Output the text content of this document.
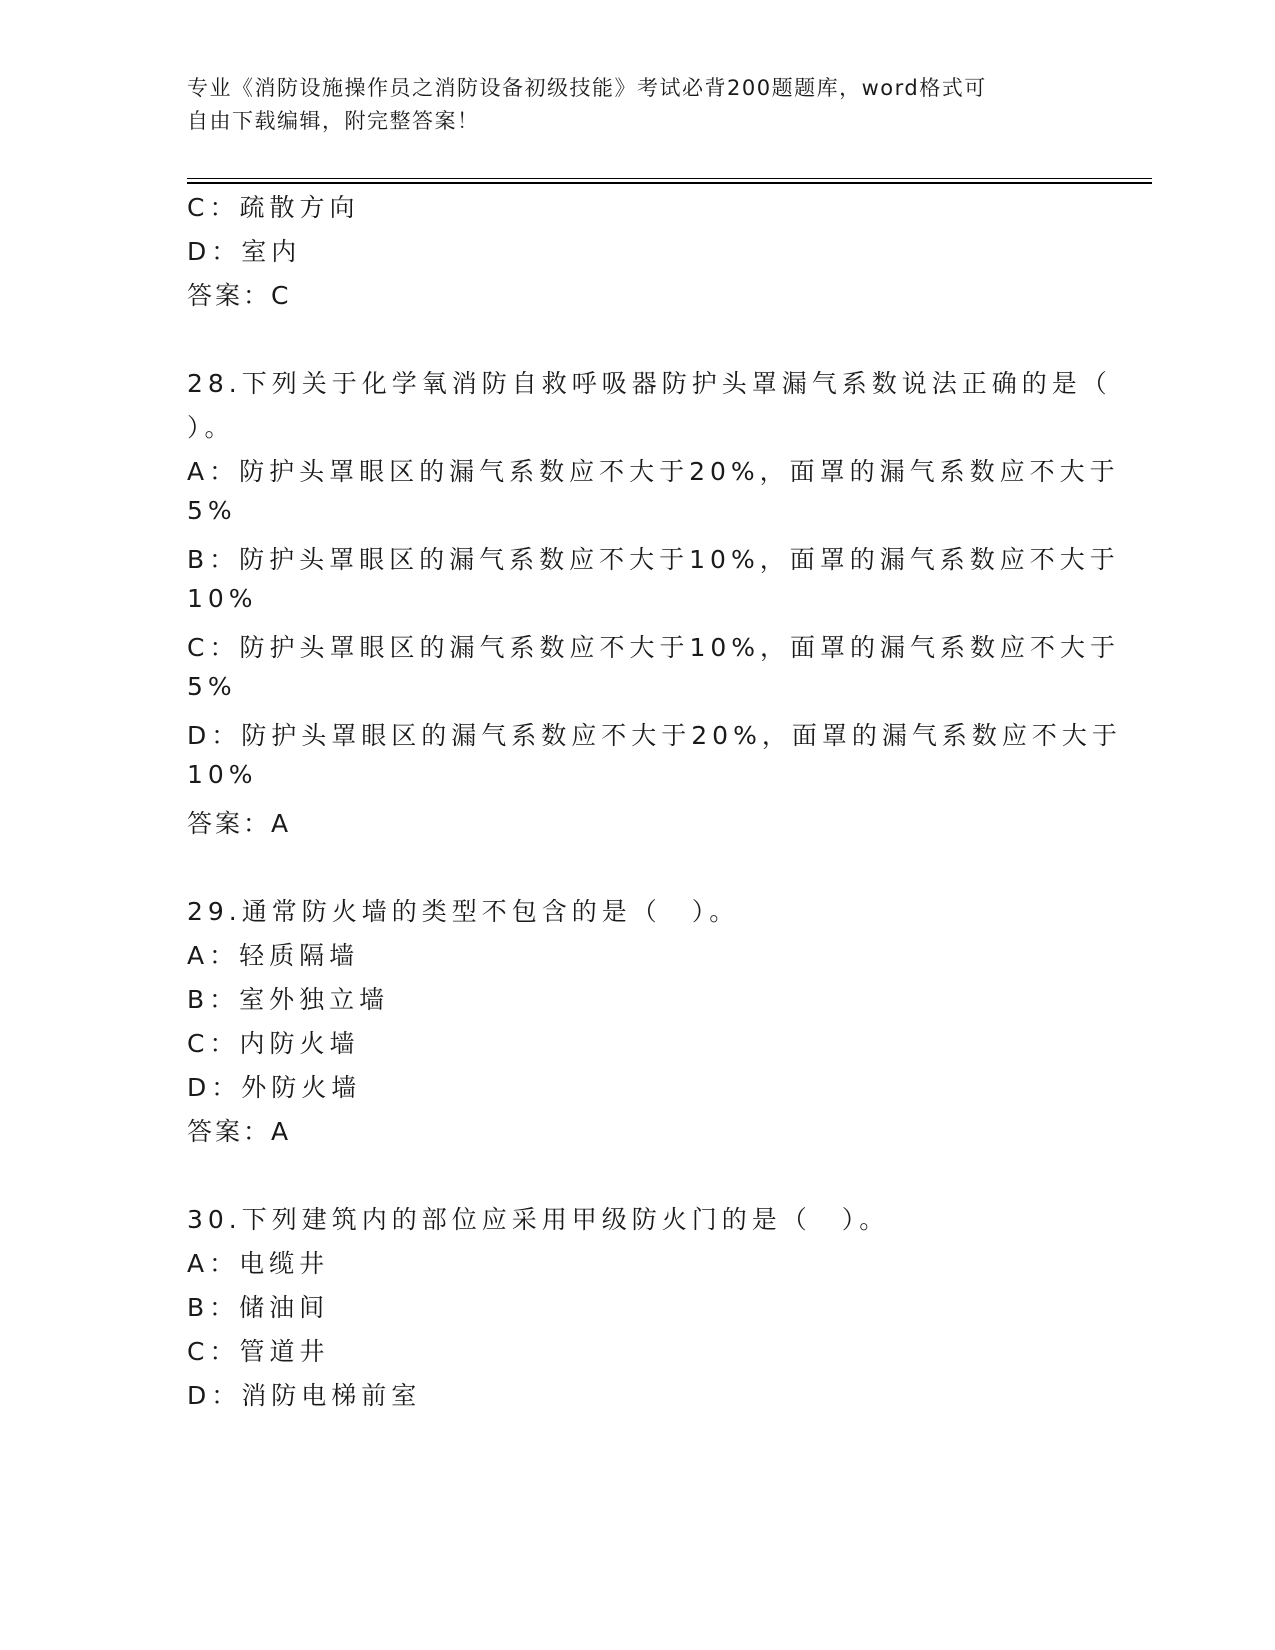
专业《消防设施操作员之消防设备初级技能》考试必背200题题库，word格式可
自由下载编辑，附完整答案！
C：疏散方向
D：室内
答案：C
28.下列关于化学氧消防自救呼吸器防护头罩漏气系数说法正确的是（
）。
A：防护头罩眼区的漏气系数应不大于20%，面罩的漏气系数应不大于
5%
B：防护头罩眼区的漏气系数应不大于10%，面罩的漏气系数应不大于
10%
C：防护头罩眼区的漏气系数应不大于10%，面罩的漏气系数应不大于
5%
D：防护头罩眼区的漏气系数应不大于20%，面罩的漏气系数应不大于
10%
答案：A
29.通常防火墙的类型不包含的是（　）。
A：轻质隔墙
B：室外独立墙
C：内防火墙
D：外防火墙
答案：A
30.下列建筑内的部位应采用甲级防火门的是（　）。
A：电缆井
B：储油间
C：管道井
D：消防电梯前室
